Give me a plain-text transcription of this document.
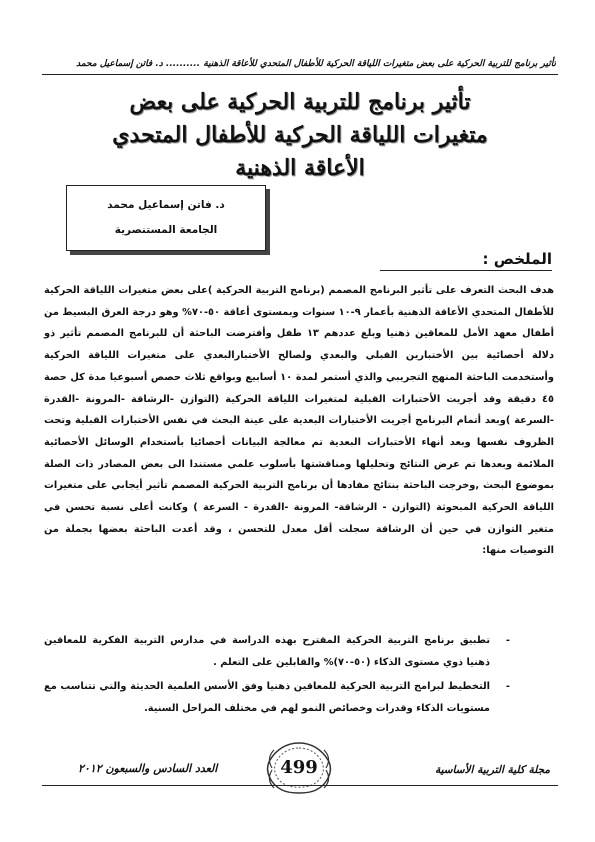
تأثير برنامج للتربية الحركية على بعض متغيرات اللياقة الحركية للأطفال المتحدي للأعاقة الذهنية .......... د. فاتن إسماعيل محمد
تأثير برنامج للتربية الحركية على بعض
متغيرات اللياقة الحركية للأطفال المتحدي
الأعاقة الذهنية
د. فاتن إسماعيل محمد
الجامعة المستنصرية
الملخص :
هدف البحث التعرف على تأثير البرنامج المصمم (برنامج التربية الحركية )على بعض متغيرات اللياقة الحركية للأطفال المتحدي الأعاقة الذهنية بأعمار ٩-١٠ سنوات وبمستوى أعاقة ٥٠-٧٠% وهو درجة العرق البسيط من أطفال معهد الأمل للمعاقين ذهنيا وبلغ عددهم ١٣ طفل وأفترضت الباحثة أن للبرنامج المصمم تأثير ذو دلالة أحصائية بين الأختبارين القبلي والبعدي ولصالح الأختبارالبعدي على متغيرات اللياقة الحركية وأستخدمت الباحثة المنهج التجريبي والذي أستمر لمدة ١٠ أسابيع وبواقع ثلاث حصص أسبوعيا مدة كل حصة ٤٥ دقيقة وقد أجريت الأختبارات القبلية لمتغيرات اللياقة الحركية (التوازن -الرشاقة -المرونة -القدرة -السرعة )وبعد أتمام البرنامج أجريت الأختبارات البعدية على عينة البحث في نفس الأختبارات القبلية وتحت الظروف نفسها وبعد أنهاء الأختبارات البعدية تم معالجة البيانات أحصائيا بأستخدام الوسائل الأحصائية الملائمة وبعدها تم عرض النتائج وتحليلها ومناقشتها بأسلوب علمي مستندا الى بعض المصادر ذات الصلة بموضوع البحث ,وخرجت الباحثة بنتائج مفادها أن برنامج التربية الحركية المصمم تأثير أيجابي على متغيرات اللياقة الحركية المبحوثة (التوازن - الرشاقة- المرونة -القدرة - السرعة ) وكانت أعلى نسبة تحسن في متغير التوازن في حين أن الرشاقة سجلت أقل معدل للتحسن ، وقد أعدت الباحثة بعضها بجملة من التوصيات منها:
-
تطبيق برنامج التربية الحركية المقترح بهذه الدراسة في مدارس التربية الفكرية للمعاقين ذهنيا ذوي مستوى الذكاء (٥٠-٧٠)% والقابلين على التعلم .
-
التخطيط لبرامج التربية الحركية للمعاقين ذهنيا وفق الأسس العلمية الحديثة والتي تتناسب مع مستويات الذكاء وقدرات وخصائص النمو لهم في مختلف المراحل السنية.
مجلة كلية التربية الأساسية
العدد السادس والسبعون ٢٠١٢	499
